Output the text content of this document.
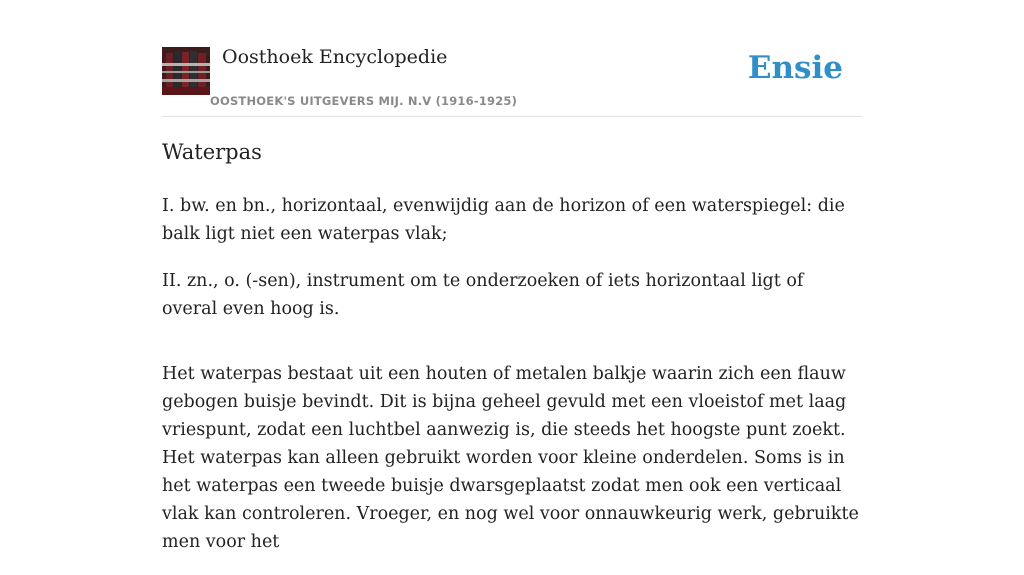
Oosthoek Encyclopedie
OOSTHOEK'S UITGEVERS MIJ. N.V (1916-1925)
Ensie
Waterpas

I. bw. en bn., horizontaal, evenwijdig aan de horizon of een waterspiegel: die balk ligt niet een waterpas vlak;

II. zn., o. (-sen), instrument om te onderzoeken of iets horizontaal ligt of overal even hoog is.

Het waterpas bestaat uit een houten of metalen balkje waarin zich een flauw gebogen buisje bevindt. Dit is bijna geheel gevuld met een vloeistof met laag vriespunt, zodat een luchtbel aanwezig is, die steeds het hoogste punt zoekt. Het waterpas kan alleen gebruikt worden voor kleine onderdelen. Soms is in het waterpas een tweede buisje dwarsgeplaatst zodat men ook een verticaal vlak kan controleren. Vroeger, en nog wel voor onnauwkeurig werk, gebruikte men voor het
